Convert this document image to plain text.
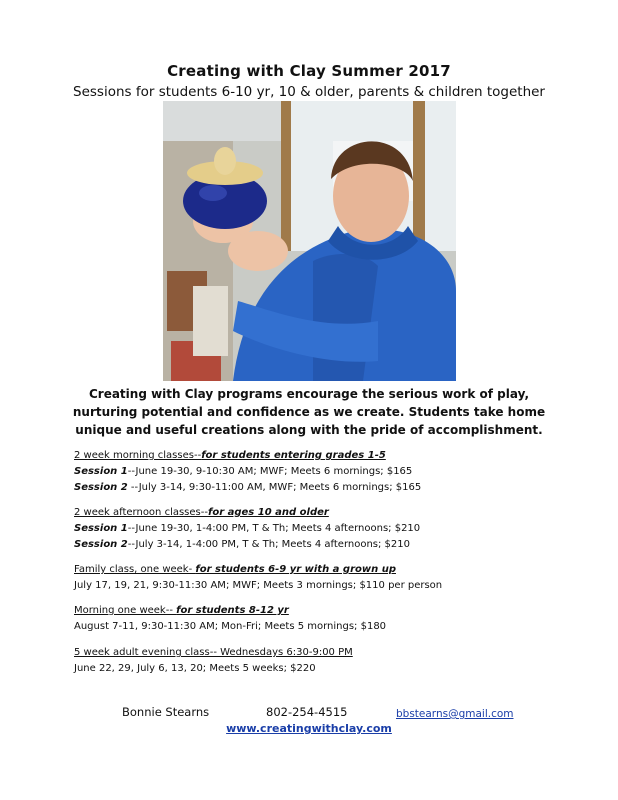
Creating with Clay Summer 2017
Sessions for students 6-10 yr, 10 & older, parents & children together
Creating with Clay programs encourage the serious work of play, nurturing potential and confidence as we create. Students take home unique and useful creations along with the pride of accomplishment.
2 week morning classes--for students entering grades 1-5
Session 1--June 19-30, 9-10:30 AM; MWF; Meets 6 mornings; $165
Session 2 --July 3-14, 9:30-11:00 AM, MWF; Meets 6 mornings; $165
2 week afternoon classes--for ages 10 and older
Session 1--June 19-30, 1-4:00 PM, T & Th; Meets 4 afternoons; $210
Session 2--July 3-14, 1-4:00 PM, T & Th; Meets 4 afternoons; $210
Family class, one week- for students 6-9 yr with a grown up
July 17, 19, 21, 9:30-11:30 AM; MWF; Meets 3 mornings; $110 per person
Morning one week-- for students 8-12 yr
August 7-11, 9:30-11:30 AM; Mon-Fri; Meets 5 mornings; $180
5 week adult evening class-- Wednesdays 6:30-9:00 PM
June 22, 29, July 6, 13, 20; Meets 5 weeks; $220
Bonnie Stearns	802-254-4515	bbstearns@gmail.com
www.creatingwithclay.com
